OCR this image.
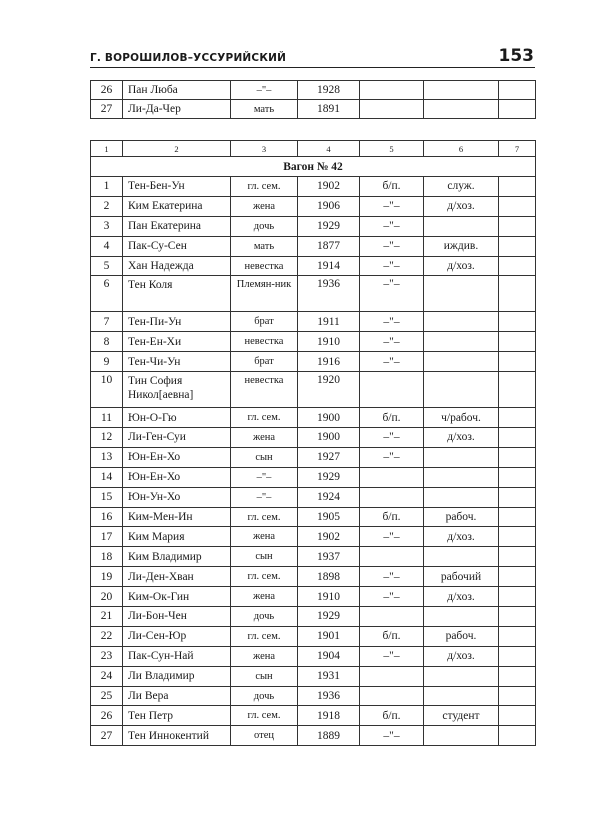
Г. ВОРОШИЛОВ–УССУРИЙСКИЙ	153
26	Пан Люба	–"–	1928			
27	Ли-Да-Чер	мать	1891			
1	2	3	4	5	6	7
Вагон № 42						
1	Тен-Бен-Ун	гл. сем.	1902	б/п.	служ.	
2	Ким Екатерина	жена	1906	–"–	д/хоз.	
3	Пан Екатерина	дочь	1929	–"–		
4	Пак-Су-Сен	мать	1877	–"–	иждив.	
5	Хан Надежда	невестка	1914	–"–	д/хоз.	
6	Тен Коля	Племян-ник	1936	–"–		
7	Тен-Пи-Ун	брат	1911	–"–		
8	Тен-Ен-Хи	невестка	1910	–"–		
9	Тен-Чи-Ун	брат	1916	–"–		
10	Тин София Никол[аевна]	невестка	1920			
11	Юн-О-Гю	гл. сем.	1900	б/п.	ч/рабоч.	
12	Ли-Ген-Суи	жена	1900	–"–	д/хоз.	
13	Юн-Ен-Хо	сын	1927	–"–		
14	Юн-Ен-Хо	–"–	1929			
15	Юн-Ун-Хо	–"–	1924			
16	Ким-Мен-Ин	гл. сем.	1905	б/п.	рабоч.	
17	Ким Мария	жена	1902	–"–	д/хоз.	
18	Ким Владимир	сын	1937			
19	Ли-Ден-Хван	гл. сем.	1898	–"–	рабочий	
20	Ким-Ок-Гин	жена	1910	–"–	д/хоз.	
21	Ли-Бон-Чен	дочь	1929			
22	Ли-Сен-Юр	гл. сем.	1901	б/п.	рабоч.	
23	Пак-Сун-Най	жена	1904	–"–	д/хоз.	
24	Ли Владимир	сын	1931			
25	Ли Вера	дочь	1936			
26	Тен Петр	гл. сем.	1918	б/п.	студент	
27	Тен Иннокентий	отец	1889	–"–		
